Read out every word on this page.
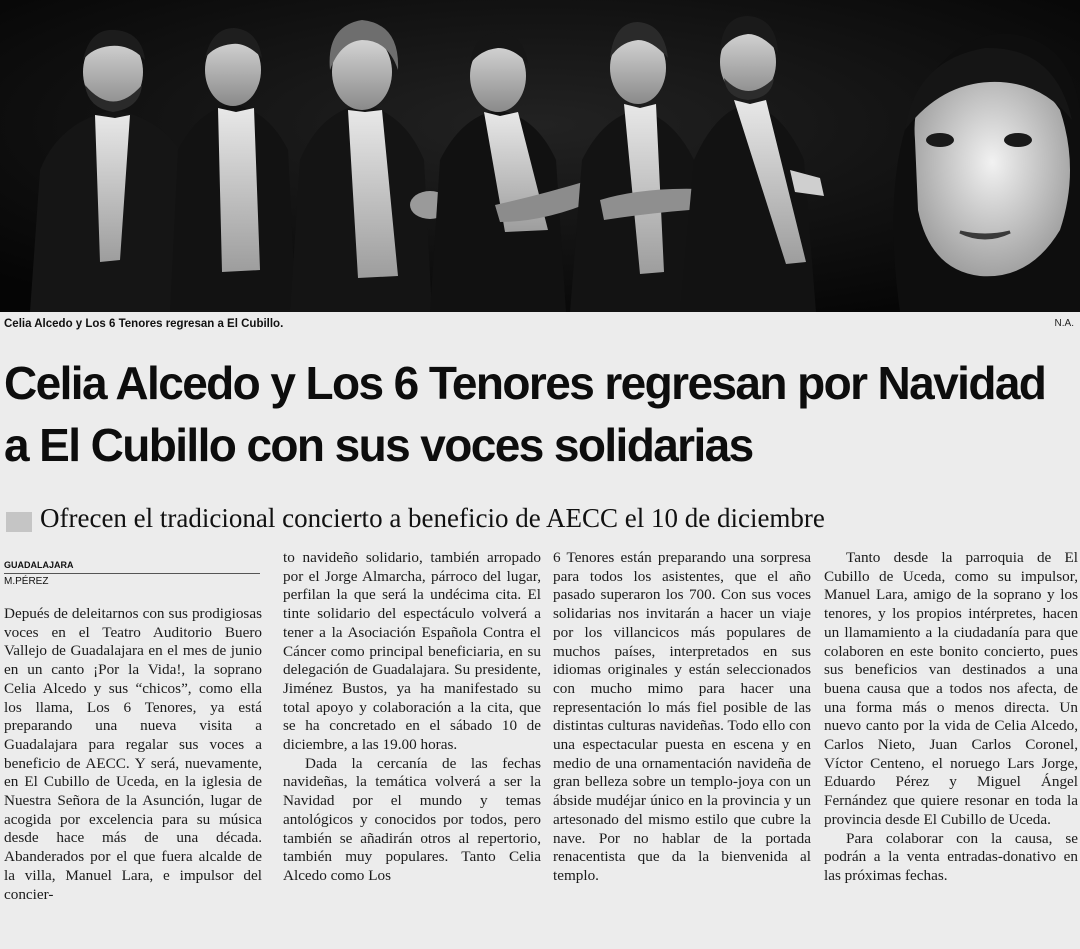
Celia Alcedo y Los 6 Tenores regresan a El Cubillo.	N.A.
Celia Alcedo y Los 6 Tenores regresan por Navidad a El Cubillo con sus voces solidarias
Ofrecen el tradicional concierto a beneficio de AECC el 10 de diciembre
GUADALAJARA
M.PÉREZ

Depués de deleitarnos con sus prodigiosas voces en el Teatro Auditorio Buero Vallejo de Guadalajara en el mes de junio en un canto ¡Por la Vida!, la soprano Celia Alcedo y sus “chicos”, como ella los llama, Los 6 Tenores, ya está preparando una nueva visita a Guadalajara para regalar sus voces a beneficio de AECC. Y será, nuevamente, en El Cubillo de Uceda, en la iglesia de Nuestra Señora de la Asunción, lugar de acogida por excelencia para su música desde hace más de una década. Abanderados por el que fuera alcalde de la villa, Manuel Lara, e impulsor del concier-

to navideño solidario, también arropado por el Jorge Almarcha, párroco del lugar, perfilan la que será la undécima cita. El tinte solidario del espectáculo volverá a tener a la Asociación Española Contra el Cáncer como principal beneficiaria, en su delegación de Guadalajara. Su presidente, Jiménez Bustos, ya ha manifestado su total apoyo y colaboración a la cita, que se ha concretado en el sábado 10 de diciembre, a las 19.00 horas.

Dada la cercanía de las fechas navideñas, la temática volverá a ser la Navidad por el mundo y temas antológicos y conocidos por todos, pero también se añadirán otros al repertorio, también muy populares. Tanto Celia Alcedo como Los

6 Tenores están preparando una sorpresa para todos los asistentes, que el año pasado superaron los 700. Con sus voces solidarias nos invitarán a hacer un viaje por los villancicos más populares de muchos países, interpretados en sus idiomas originales y están seleccionados con mucho mimo para hacer una representación lo más fiel posible de las distintas culturas navideñas. Todo ello con una espectacular puesta en escena y en medio de una ornamentación navideña de gran belleza sobre un templo-joya con un ábside mudéjar único en la provincia y un artesonado del mismo estilo que cubre la nave. Por no hablar de la portada renacentista que da la bienvenida al templo.

Tanto desde la parroquia de El Cubillo de Uceda, como su impulsor, Manuel Lara, amigo de la soprano y los tenores, y los propios intérpretes, hacen un llamamiento a la ciudadanía para que colaboren en este bonito concierto, pues sus beneficios van destinados a una buena causa que a todos nos afecta, de una forma más o menos directa. Un nuevo canto por la vida de Celia Alcedo, Carlos Nieto, Juan Carlos Coronel, Víctor Centeno, el noruego Lars Jorge, Eduardo Pérez y Miguel Ángel Fernández que quiere resonar en toda la provincia desde El Cubillo de Uceda.

Para colaborar con la causa, se podrán a la venta entradas-donativo en las próximas fechas.
